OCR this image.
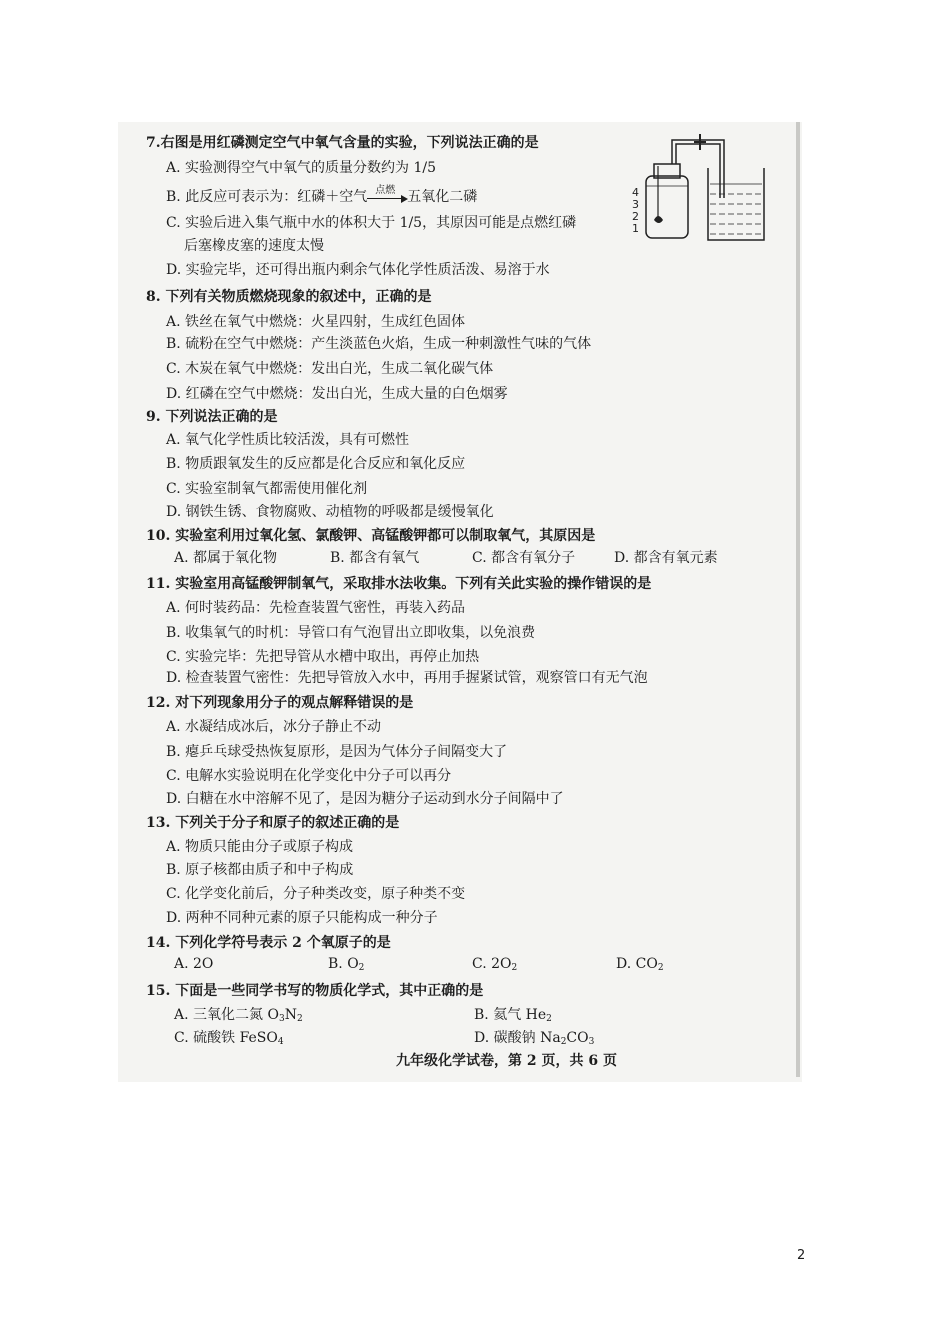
7.右图是用红磷测定空气中氧气含量的实验，下列说法正确的是
A. 实验测得空气中氧气的质量分数约为 1/5
B. 此反应可表示为：红磷＋空气 点燃 五氧化二磷
C. 实验后进入集气瓶中水的体积大于 1/5，其原因可能是点燃红磷
后塞橡皮塞的速度太慢
D. 实验完毕，还可得出瓶内剩余气体化学性质活泼、易溶于水
4
3
2
1
8. 下列有关物质燃烧现象的叙述中，正确的是
A. 铁丝在氧气中燃烧：火星四射，生成红色固体
B. 硫粉在空气中燃烧：产生淡蓝色火焰，生成一种刺激性气味的气体
C. 木炭在氧气中燃烧：发出白光，生成二氧化碳气体
D. 红磷在空气中燃烧：发出白光，生成大量的白色烟雾
9. 下列说法正确的是
A. 氧气化学性质比较活泼，具有可燃性
B. 物质跟氧发生的反应都是化合反应和氧化反应
C. 实验室制氧气都需使用催化剂
D. 钢铁生锈、食物腐败、动植物的呼吸都是缓慢氧化
10. 实验室利用过氧化氢、氯酸钾、高锰酸钾都可以制取氧气，其原因是
A. 都属于氧化物	B. 都含有氧气	C. 都含有氧分子	D. 都含有氧元素
11. 实验室用高锰酸钾制氧气，采取排水法收集。下列有关此实验的操作错误的是
A. 何时装药品：先检查装置气密性，再装入药品
B. 收集氧气的时机：导管口有气泡冒出立即收集，以免浪费
C. 实验完毕：先把导管从水槽中取出，再停止加热
D. 检查装置气密性：先把导管放入水中，再用手握紧试管，观察管口有无气泡
12. 对下列现象用分子的观点解释错误的是
A. 水凝结成冰后，冰分子静止不动
B. 瘪乒乓球受热恢复原形，是因为气体分子间隔变大了
C. 电解水实验说明在化学变化中分子可以再分
D. 白糖在水中溶解不见了，是因为糖分子运动到水分子间隔中了
13. 下列关于分子和原子的叙述正确的是
A. 物质只能由分子或原子构成
B. 原子核都由质子和中子构成
C. 化学变化前后，分子种类改变，原子种类不变
D. 两种不同种元素的原子只能构成一种分子
14. 下列化学符号表示 2 个氧原子的是
A. 2O	B. $O_2$	C. $2O_2$	D. $CO_2$
15. 下面是一些同学书写的物质化学式，其中正确的是
A. 三氧化二氮 $O_3N_2$	B. 氦气 $He_2$
C. 硫酸铁 FeSO$_4$	D. 碳酸钠 $Na_2CO_3$
九年级化学试卷，第 2 页，共 6 页
2
